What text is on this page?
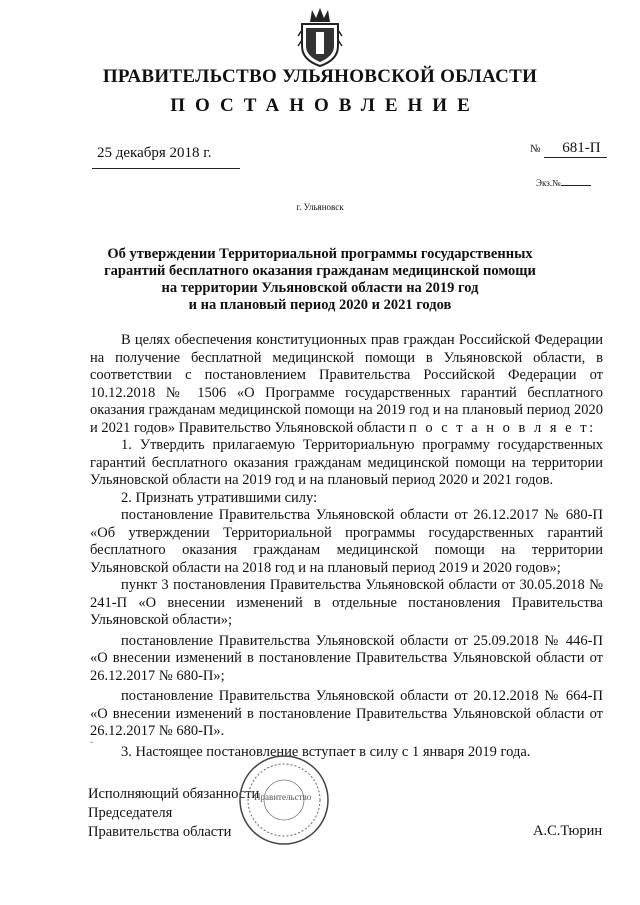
ПРАВИТЕЛЬСТВО УЛЬЯНОВСКОЙ ОБЛАСТИ
ПОСТАНОВЛЕНИЕ
25 декабря 2018 г.	№ 681-П
Экз.№
г. Ульяновск
Об утверждении Территориальной программы государственных
гарантий бесплатного оказания гражданам медицинской помощи
на территории Ульяновской области на 2019 год
и на плановый период 2020 и 2021 годов

В целях обеспечения конституционных прав граждан Российской Федерации на получение бесплатной медицинской помощи в Ульяновской области, в соответствии с постановлением Правительства Российской Федерации от 10.12.2018 № 1506 «О Программе государственных гарантий бесплатного оказания гражданам медицинской помощи на 2019 год и на плановый период 2020 и 2021 годов» Правительство Ульяновской области п о с т а н о в л я е т:

1. Утвердить прилагаемую Территориальную программу государственных гарантий бесплатного оказания гражданам медицинской помощи на территории Ульяновской области на 2019 год и на плановый период 2020 и 2021 годов.

2. Признать утратившими силу:

постановление Правительства Ульяновской области от 26.12.2017 № 680-П «Об утверждении Территориальной программы государственных гарантий бесплатного оказания гражданам медицинской помощи на территории Ульяновской области на 2018 год и на плановый период 2019 и 2020 годов»;

пункт 3 постановления Правительства Ульяновской области от 30.05.2018 № 241-П «О внесении изменений в отдельные постановления Правительства Ульяновской области»;

постановление Правительства Ульяновской области от 25.09.2018 № 446-П «О внесении изменений в постановление Правительства Ульяновской области от 26.12.2017 № 680-П»;

постановление Правительства Ульяновской области от 20.12.2018 № 664-П «О внесении изменений в постановление Правительства Ульяновской области от 26.12.2017 № 680-П».

3. Настоящее постановление вступает в силу с 1 января 2019 года.

ˇ
Исполняющий обязанности
Председателя
Правительства области
Правительство
А.С.Тюрин
